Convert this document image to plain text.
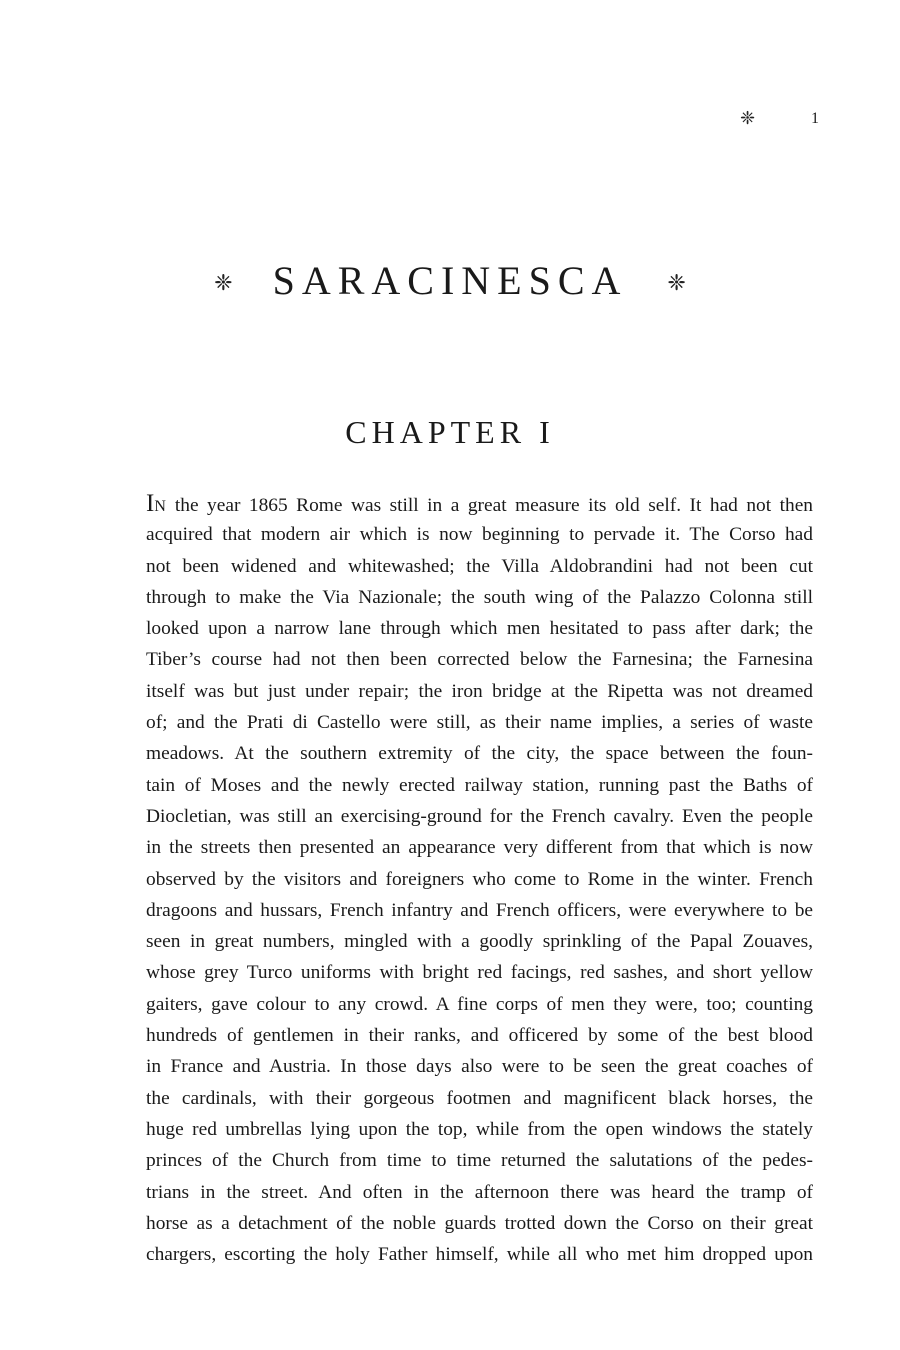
❈	1
❈ SARACINESCA ❈
CHAPTER I
IN the year 1865 Rome was still in a great measure its old self. It had not then
acquired that modern air which is now beginning to pervade it. The Corso had
not been widened and whitewashed; the Villa Aldobrandini had not been cut
through to make the Via Nazionale; the south wing of the Palazzo Colonna still
looked upon a narrow lane through which men hesitated to pass after dark; the
Tiber’s course had not then been corrected below the Farnesina; the Farnesina
itself was but just under repair; the iron bridge at the Ripetta was not dreamed
of; and the Prati di Castello were still, as their name implies, a series of waste
meadows. At the southern extremity of the city, the space between the foun-
tain of Moses and the newly erected railway station, running past the Baths of
Diocletian, was still an exercising-ground for the French cavalry. Even the people
in the streets then presented an appearance very different from that which is now
observed by the visitors and foreigners who come to Rome in the winter. French
dragoons and hussars, French infantry and French officers, were everywhere to be
seen in great numbers, mingled with a goodly sprinkling of the Papal Zouaves,
whose grey Turco uniforms with bright red facings, red sashes, and short yellow
gaiters, gave colour to any crowd. A fine corps of men they were, too; counting
hundreds of gentlemen in their ranks, and officered by some of the best blood
in France and Austria. In those days also were to be seen the great coaches of
the cardinals, with their gorgeous footmen and magnificent black horses, the
huge red umbrellas lying upon the top, while from the open windows the stately
princes of the Church from time to time returned the salutations of the pedes-
trians in the street. And often in the afternoon there was heard the tramp of
horse as a detachment of the noble guards trotted down the Corso on their great
chargers, escorting the holy Father himself, while all who met him dropped upon
